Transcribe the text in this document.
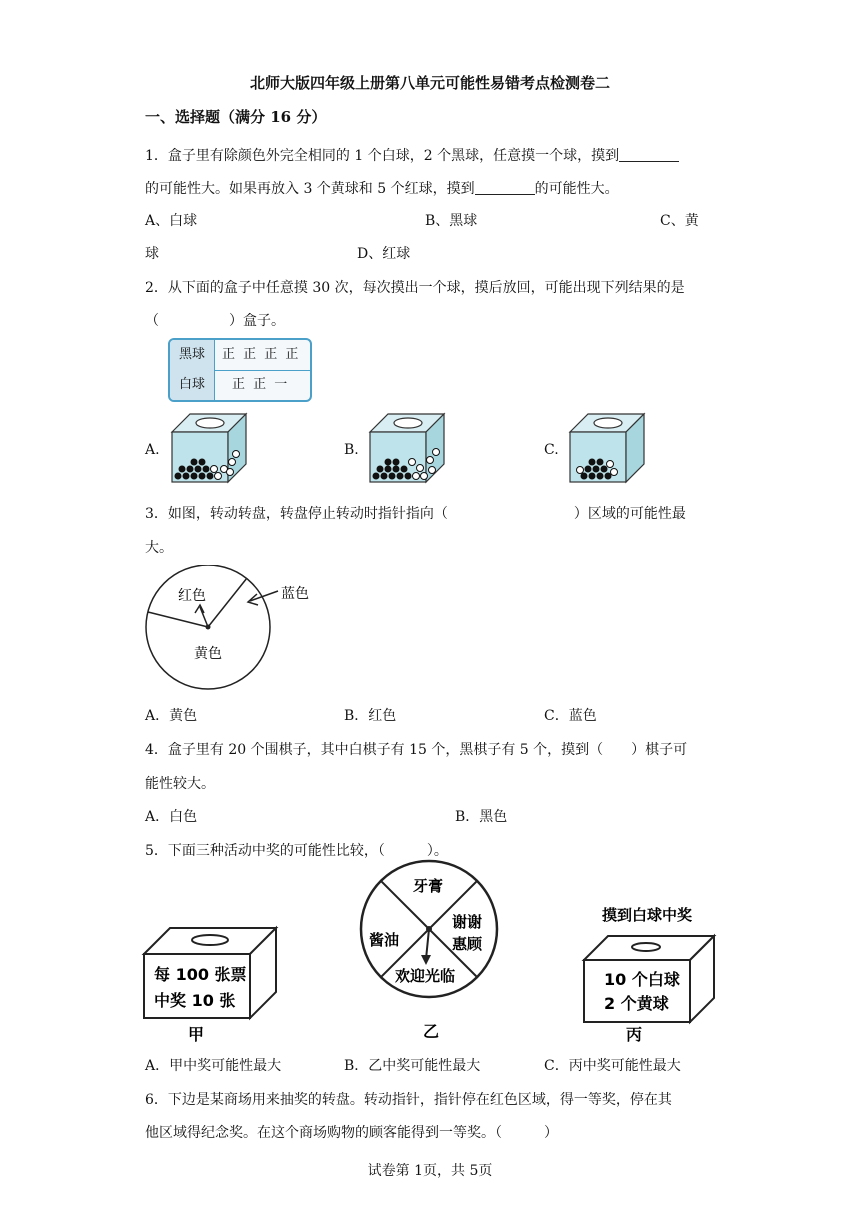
北师大版四年级上册第八单元可能性易错考点检测卷二
一、选择题（满分 16 分）
1．盒子里有除颜色外完全相同的 1 个白球，2 个黑球，任意摸一个球，摸到
的可能性大。如果再放入 3 个黄球和 5 个红球，摸到	的可能性大。
A、白球	B、黑球	C、黄
球	D、红球
2．从下面的盒子中任意摸 30 次，每次摸出一个球，摸后放回，可能出现下列结果的是
（　　　　　）盒子。
黑球	正 正 正 正
白球	正 正 一
A.	B.	C.
3．如图，转动转盘，转盘停止转动时指针指向（	）区域的可能性最
大。
红色	蓝色
黄色
A．黄色	B．红色	C．蓝色
4．盒子里有 20 个围棋子，其中白棋子有 15 个，黑棋子有 5 个，摸到（　　）棋子可
能性较大。
A．白色	B．黑色
5．下面三种活动中奖的可能性比较，（　　　）。
每 100 张票
中奖 10 张
甲
牙膏
谢谢
惠顾
欢迎光临
酱油
乙
摸到白球中奖
10 个白球
2 个黄球
丙
A．甲中奖可能性最大	B．乙中奖可能性最大	C．丙中奖可能性最大
6．下边是某商场用来抽奖的转盘。转动指针，指针停在红色区域，得一等奖，停在其
他区域得纪念奖。在这个商场购物的顾客能得到一等奖。（　　　）
试卷第 1页，共 5页
